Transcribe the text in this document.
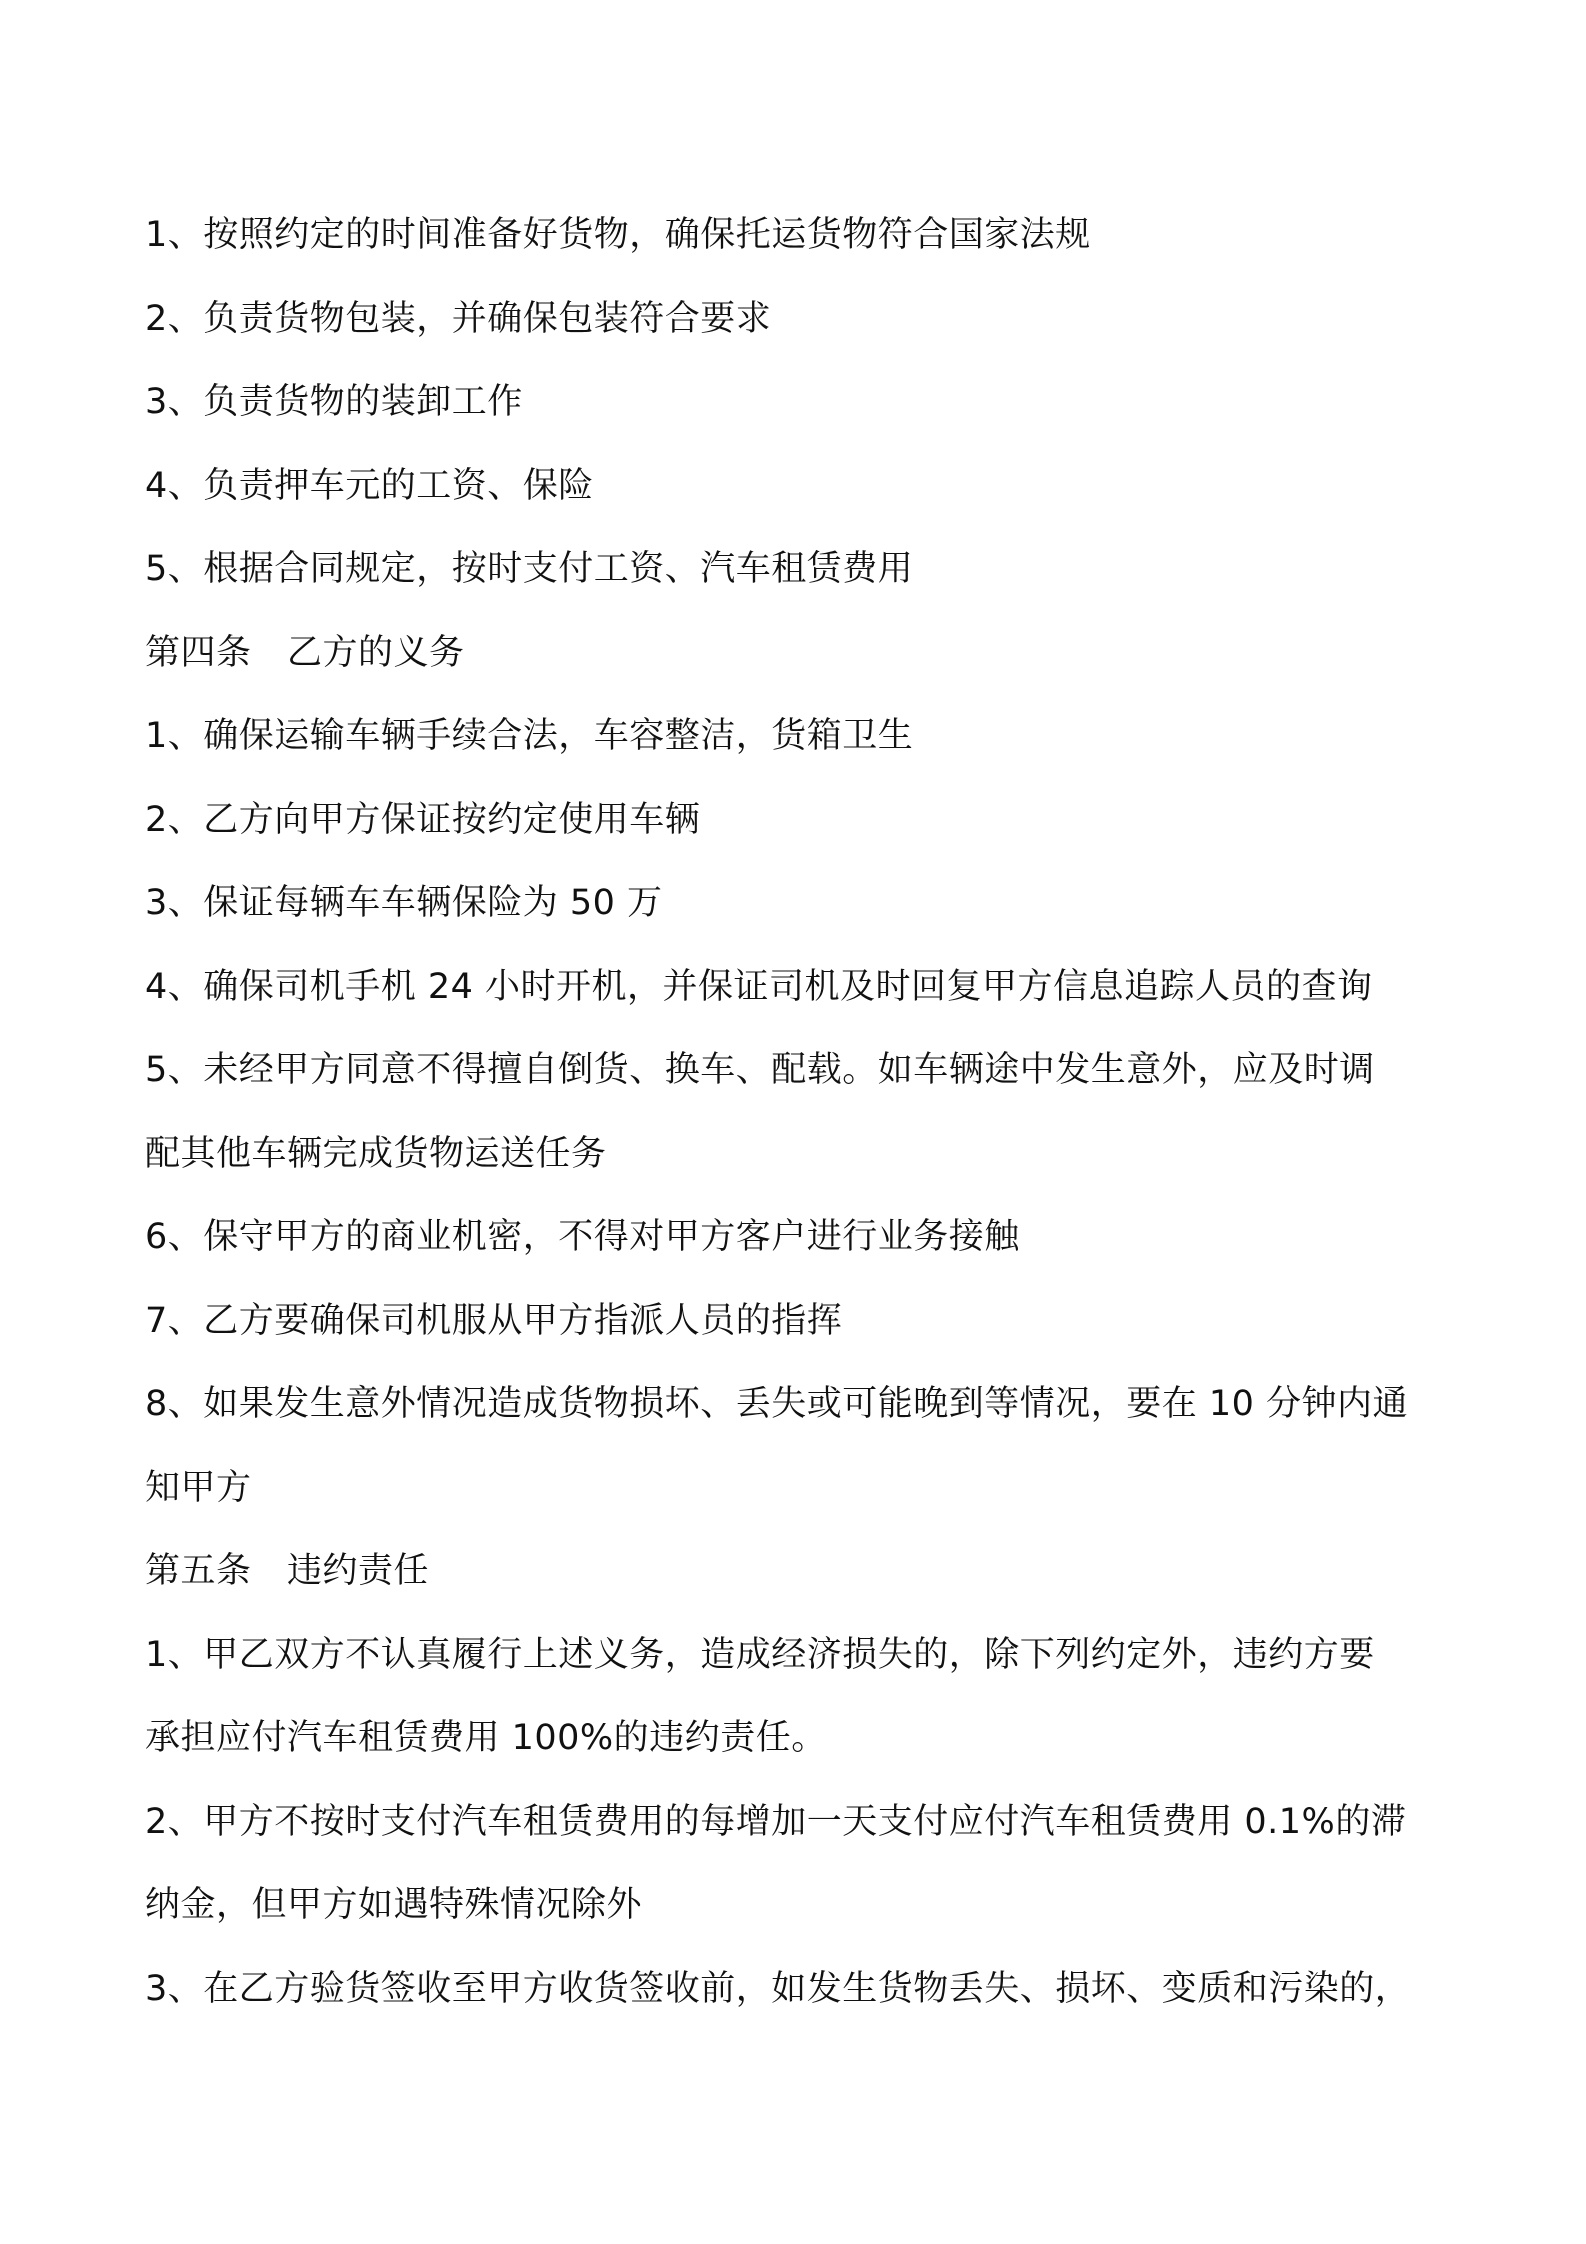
1、按照约定的时间准备好货物，确保托运货物符合国家法规
2、负责货物包装，并确保包装符合要求
3、负责货物的装卸工作
4、负责押车元的工资、保险
5、根据合同规定，按时支付工资、汽车租赁费用
第四条　乙方的义务
1、确保运输车辆手续合法，车容整洁，货箱卫生
2、乙方向甲方保证按约定使用车辆
3、保证每辆车车辆保险为 50 万
4、确保司机手机 24 小时开机，并保证司机及时回复甲方信息追踪人员的查询
5、未经甲方同意不得擅自倒货、换车、配载。如车辆途中发生意外，应及时调
配其他车辆完成货物运送任务
6、保守甲方的商业机密，不得对甲方客户进行业务接触
7、乙方要确保司机服从甲方指派人员的指挥
8、如果发生意外情况造成货物损坏、丢失或可能晚到等情况，要在 10 分钟内通
知甲方
第五条　违约责任
1、甲乙双方不认真履行上述义务，造成经济损失的，除下列约定外，违约方要
承担应付汽车租赁费用 100%的违约责任。
2、甲方不按时支付汽车租赁费用的每增加一天支付应付汽车租赁费用 0.1%的滞
纳金，但甲方如遇特殊情况除外
3、在乙方验货签收至甲方收货签收前，如发生货物丢失、损坏、变质和污染的，
